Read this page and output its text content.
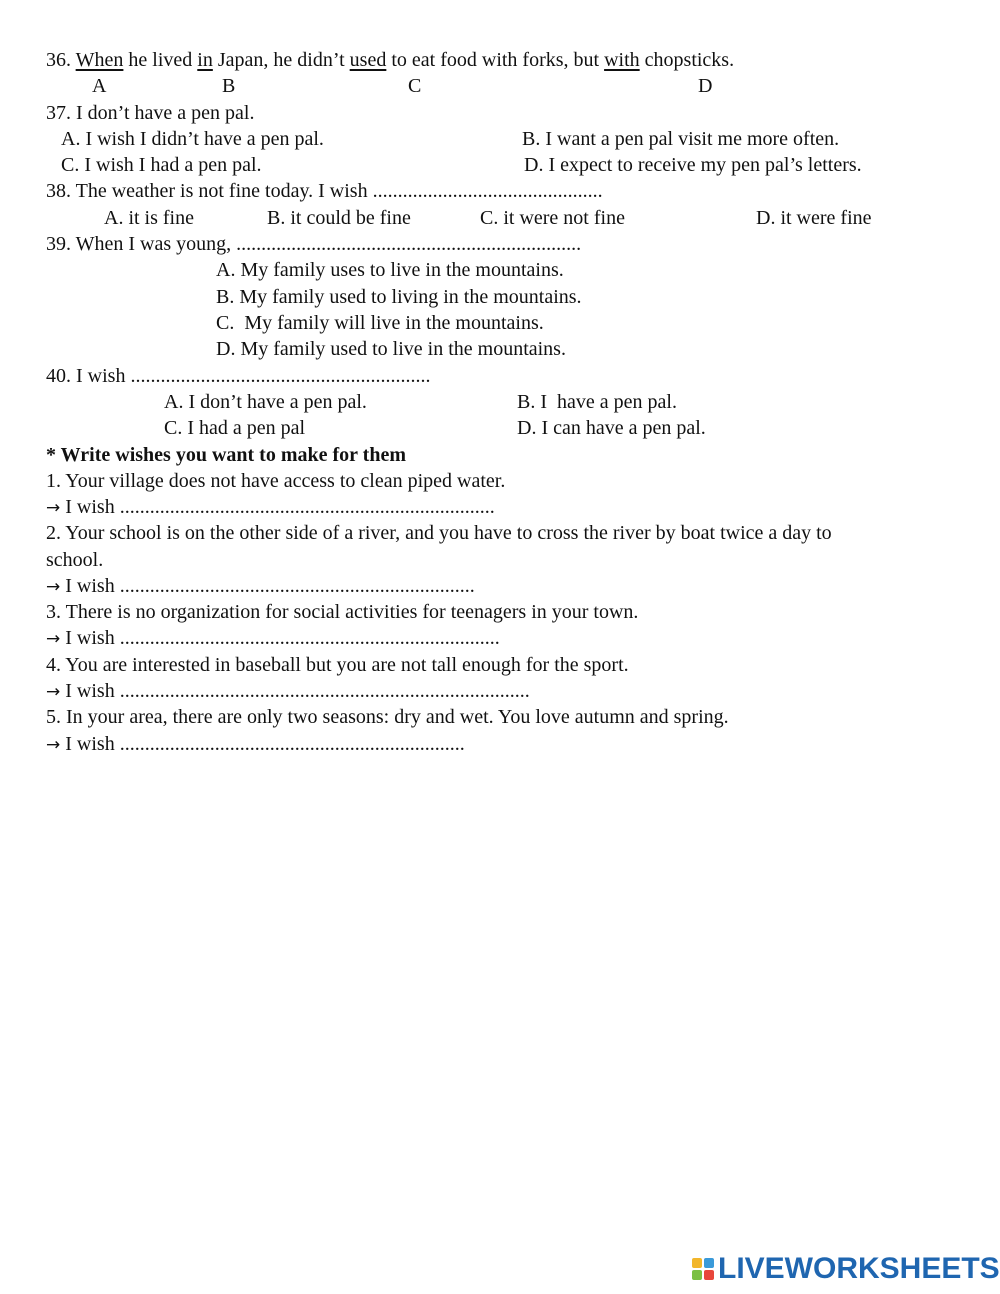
36. When he lived in Japan, he didn’t used to eat food with forks, but with chopsticks.
A	B	C	D
37. I don’t have a pen pal.
A. I wish I didn’t have a pen pal.	B. I want a pen pal visit me more often.
C. I wish I had a pen pal.	D. I expect to receive my pen pal’s letters.
38. The weather is not fine today. I wish ..............................................
A. it is fine	B. it could be fine	C. it were not fine	D. it were fine
39. When I was young, .....................................................................
A. My family uses to live in the mountains.
B. My family used to living in the mountains.
C.  My family will live in the mountains.
D. My family used to live in the mountains.
40. I wish ............................................................
A. I don’t have a pen pal.	B. I  have a pen pal.
C. I had a pen pal	D. I can have a pen pal.
* Write wishes you want to make for them
1. Your village does not have access to clean piped water.
→ I wish ...........................................................................
2. Your school is on the other side of a river, and you have to cross the river by boat twice a day to
school.
→ I wish .......................................................................
3. There is no organization for social activities for teenagers in your town.
→ I wish ............................................................................
4. You are interested in baseball but you are not tall enough for the sport.
→ I wish ..................................................................................
5. In your area, there are only two seasons: dry and wet. You love autumn and spring.
→ I wish .....................................................................
LIVEWORKSHEETS
